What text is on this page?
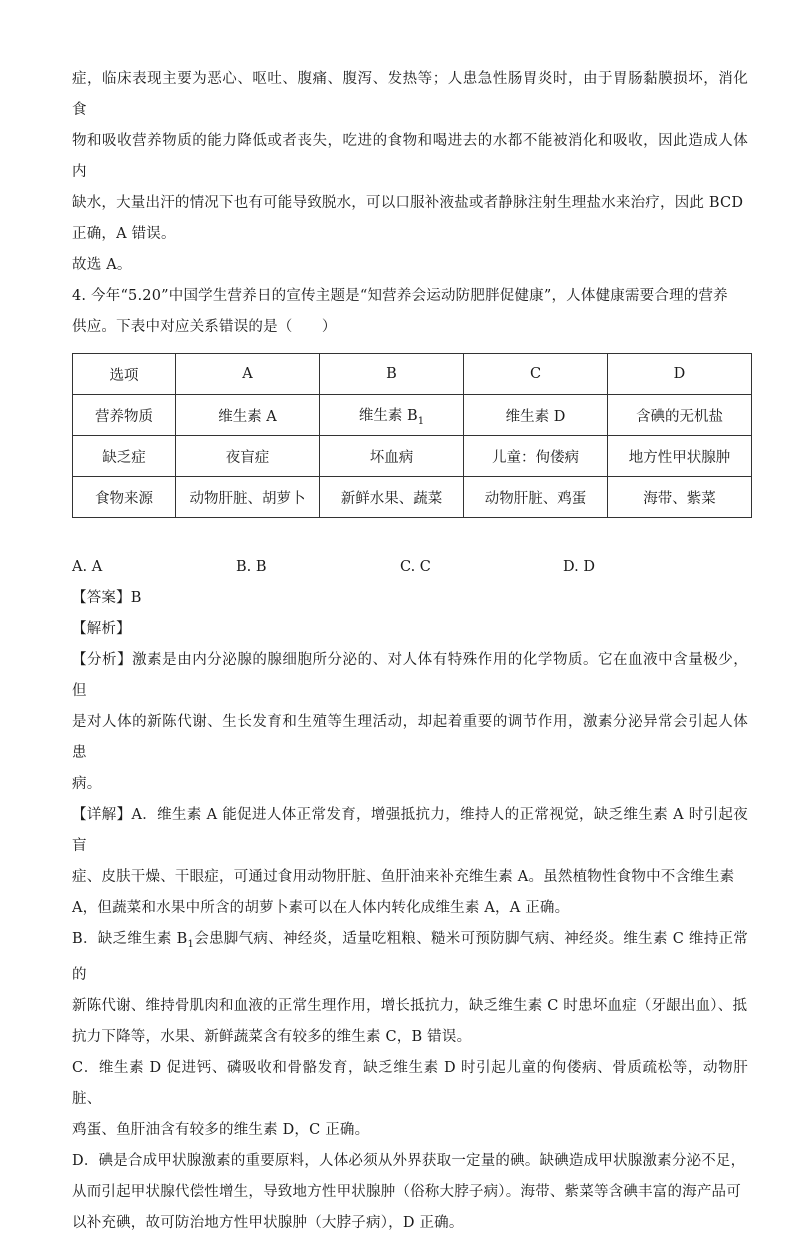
症，临床表现主要为恶心、呕吐、腹痛、腹泻、发热等；人患急性肠胃炎时，由于胃肠黏膜损坏，消化食

物和吸收营养物质的能力降低或者丧失，吃进的食物和喝进去的水都不能被消化和吸收，因此造成人体内

缺水，大量出汗的情况下也有可能导致脱水，可以口服补液盐或者静脉注射生理盐水来治疗，因此 BCD

正确，A 错误。

故选 A。

4. 今年“5.20”中国学生营养日的宣传主题是“知营养会运动防肥胖促健康”，人体健康需要合理的营养

供应。下表中对应关系错误的是（　　）

选项	A	B	C	D
营养物质	维生素 A	维生素 $B_1$	维生素 D	含碘的无机盐
缺乏症	夜盲症	坏血病	儿童：佝偻病	地方性甲状腺肿
食物来源	动物肝脏、胡萝卜	新鲜水果、蔬菜	动物肝脏、鸡蛋	海带、紫菜
A. A	B. B	C. C	D. D

【答案】B

【解析】

【分析】激素是由内分泌腺的腺细胞所分泌的、对人体有特殊作用的化学物质。它在血液中含量极少，但

是对人体的新陈代谢、生长发育和生殖等生理活动，却起着重要的调节作用，激素分泌异常会引起人体患

病。

【详解】A．维生素 A 能促进人体正常发育，增强抵抗力，维持人的正常视觉，缺乏维生素 A 时引起夜盲

症、皮肤干燥、干眼症，可通过食用动物肝脏、鱼肝油来补充维生素 A。虽然植物性食物中不含维生素

A，但蔬菜和水果中所含的胡萝卜素可以在人体内转化成维生素 A，A 正确。

B．缺乏维生素 $B_1$会患脚气病、神经炎，适量吃粗粮、糙米可预防脚气病、神经炎。维生素 C 维持正常的

新陈代谢、维持骨肌肉和血液的正常生理作用，增长抵抗力，缺乏维生素 C 时患坏血症（牙龈出血）、抵

抗力下降等，水果、新鲜蔬菜含有较多的维生素 C，B 错误。

C．维生素 D 促进钙、磷吸收和骨骼发育，缺乏维生素 D 时引起儿童的佝偻病、骨质疏松等，动物肝脏、

鸡蛋、鱼肝油含有较多的维生素 D，C 正确。

D．碘是合成甲状腺激素的重要原料，人体必须从外界获取一定量的碘。缺碘造成甲状腺激素分泌不足，

从而引起甲状腺代偿性增生，导致地方性甲状腺肿（俗称大脖子病）。海带、紫菜等含碘丰富的海产品可

以补充碘，故可防治地方性甲状腺肿（大脖子病），D 正确。
